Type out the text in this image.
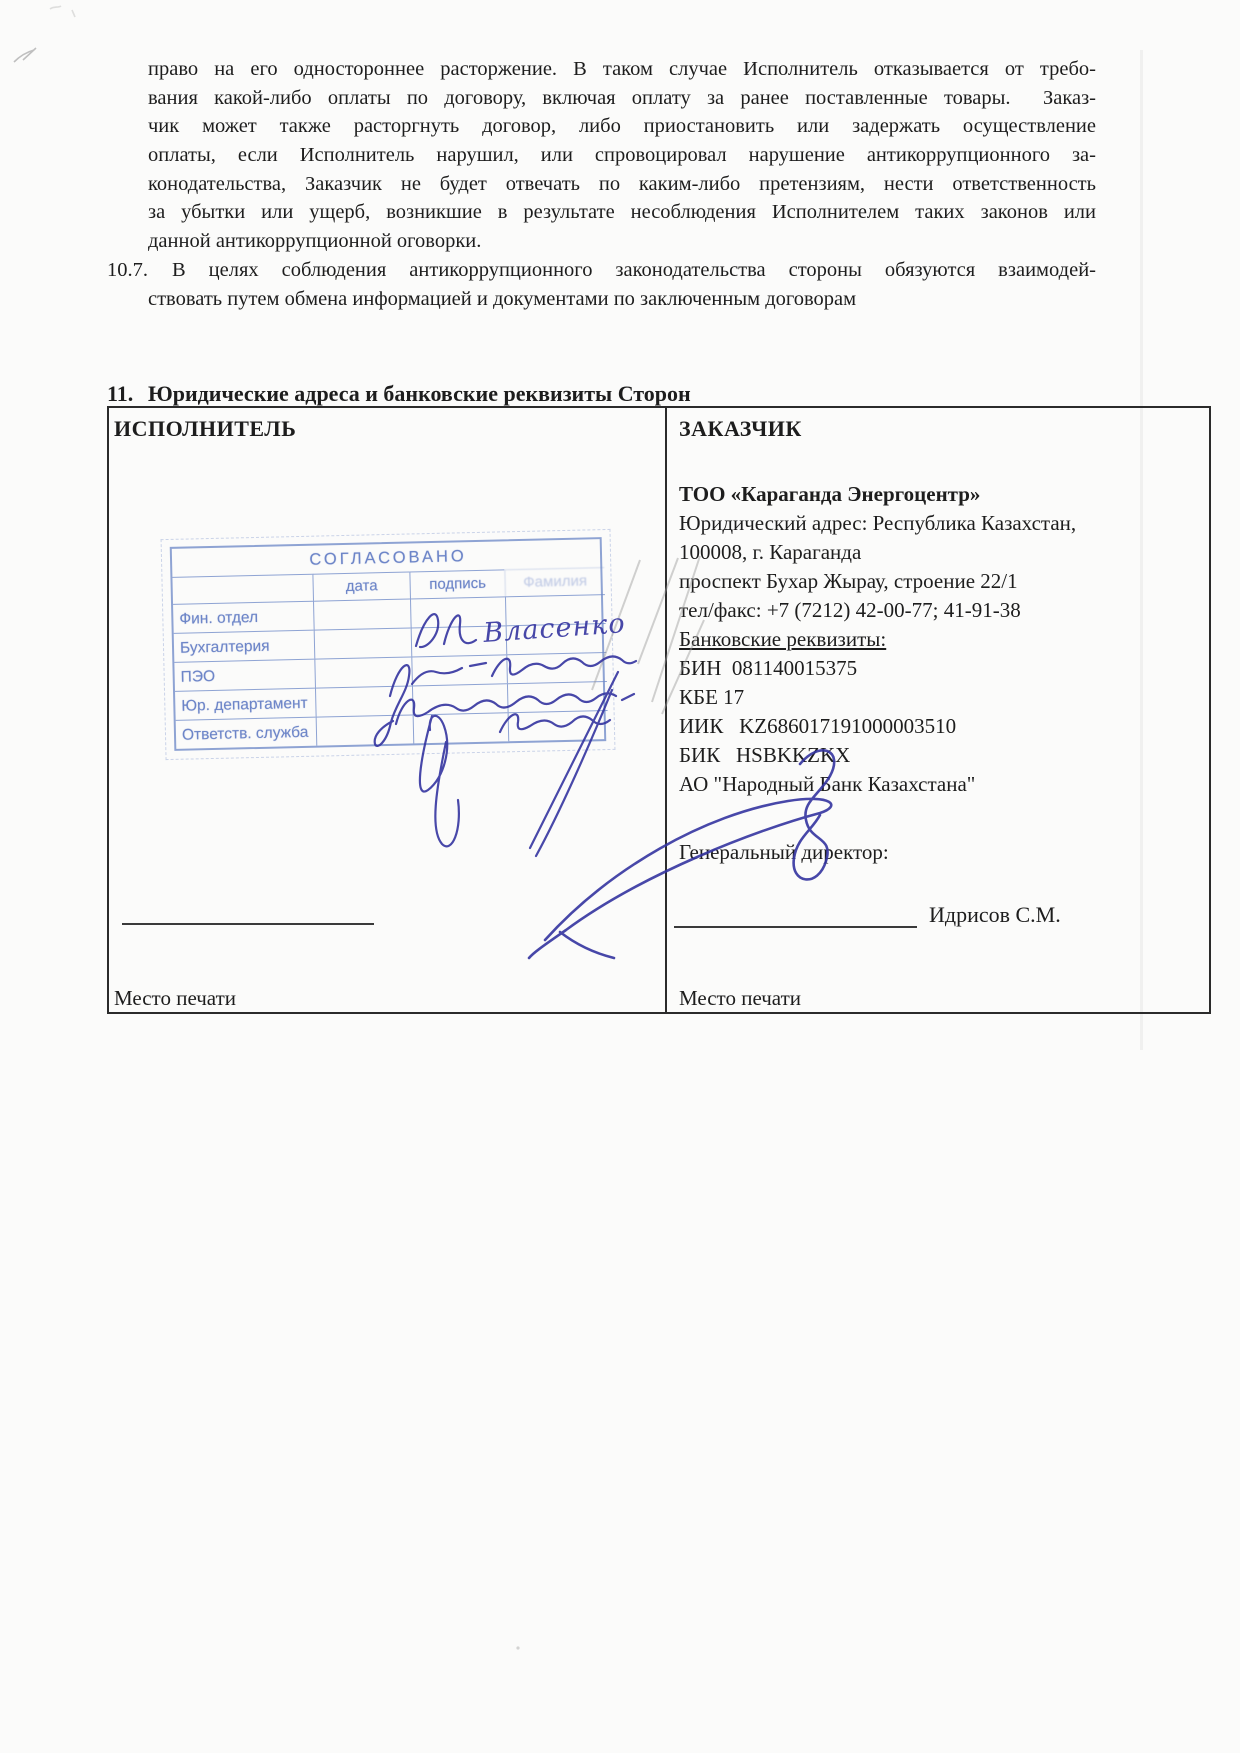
право на его одностороннее расторжение. В таком случае Исполнитель отказывается от требо-
вания какой-либо оплаты по договору, включая оплату за ранее поставленные товары.  Заказ-
чик может также расторгнуть договор, либо приостановить или задержать осуществление
оплаты, если Исполнитель нарушил, или спровоцировал нарушение антикоррупционного за-
конодательства, Заказчик не будет отвечать по каким-либо претензиям, нести ответственность
за убытки или ущерб, возникшие в результате несоблюдения Исполнителем таких законов или
данной антикоррупционной оговорки.
10.7. В целях соблюдения антикоррупционного законодательства стороны обязуются взаимодей-
ствовать путем обмена информацией и документами по заключенным договорам
11. Юридические адреса и банковские реквизиты Сторон
ИСПОЛНИТЕЛЬ
СОГЛАСОВАНО
дата	подпись	Фамилия
Фин. отдел
Бухгалтерия
ПЭО
Юр. департамент
Ответств. служба
Место печати
ЗАКАЗЧИК
ТОО «Караганда Энергоцентр»
Юридический адрес: Республика Казахстан,
100008, г. Караганда
проспект Бухар Жырау, строение 22/1
тел/факс: +7 (7212) 42-00-77; 41-91-38
Банковские реквизиты:
БИН  081140015375
КБЕ 17
ИИК   KZ686017191000003510
БИК   HSBKKZKX
АО "Народный Банк Казахстана"
Генеральный директор:
Идрисов С.М.
Место печати
Власенко
